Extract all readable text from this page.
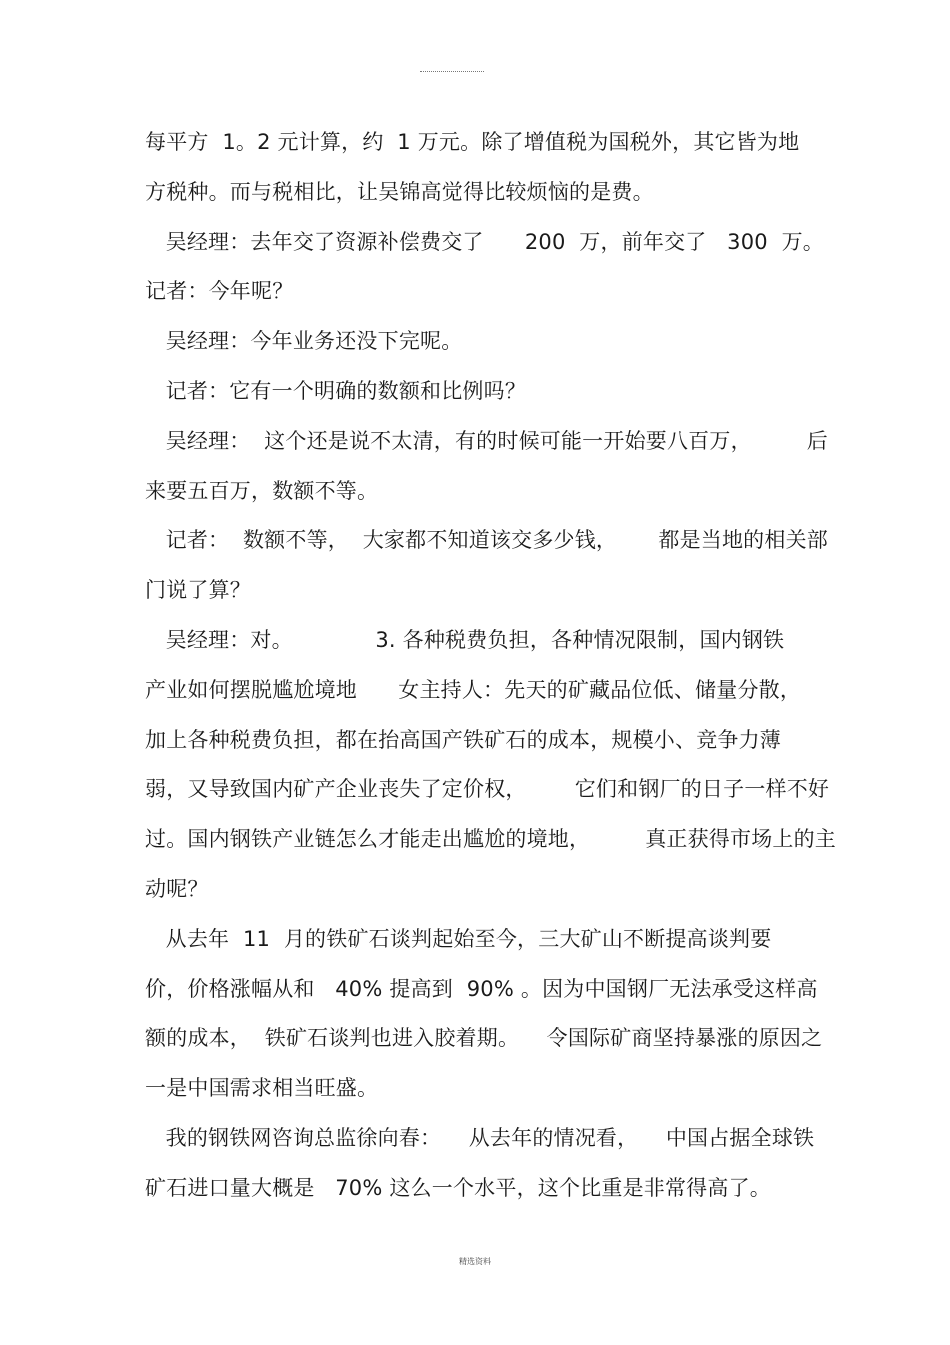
每平方  1。2 元计算，约  1 万元。除了增值税为国税外，其它皆为地
方税种。而与税相比，让吴锦高觉得比较烦恼的是费。
吴经理：去年交了资源补偿费交了      200  万，前年交了   300  万。
记者：今年呢？
吴经理：今年业务还没下完呢。
记者：它有一个明确的数额和比例吗？
吴经理：  这个还是说不太清，有的时候可能一开始要八百万，        后
来要五百万，数额不等。
记者：  数额不等，  大家都不知道该交多少钱，      都是当地的相关部
门说了算？
吴经理：对。            3. 各种税费负担，各种情况限制，国内钢铁
产业如何摆脱尴尬境地      女主持人：先天的矿藏品位低、储量分散，
加上各种税费负担，都在抬高国产铁矿石的成本，规模小、竞争力薄
弱，又导致国内矿产企业丧失了定价权，       它们和钢厂的日子一样不好
过。国内钢铁产业链怎么才能走出尴尬的境地，        真正获得市场上的主
动呢？
从去年  11  月的铁矿石谈判起始至今，三大矿山不断提高谈判要
价，价格涨幅从和   40% 提高到  90% 。因为中国钢厂无法承受这样高
额的成本，  铁矿石谈判也进入胶着期。    令国际矿商坚持暴涨的原因之
一是中国需求相当旺盛。
我的钢铁网咨询总监徐向春：    从去年的情况看，    中国占据全球铁
矿石进口量大概是   70% 这么一个水平，这个比重是非常得高了。
精选资料
